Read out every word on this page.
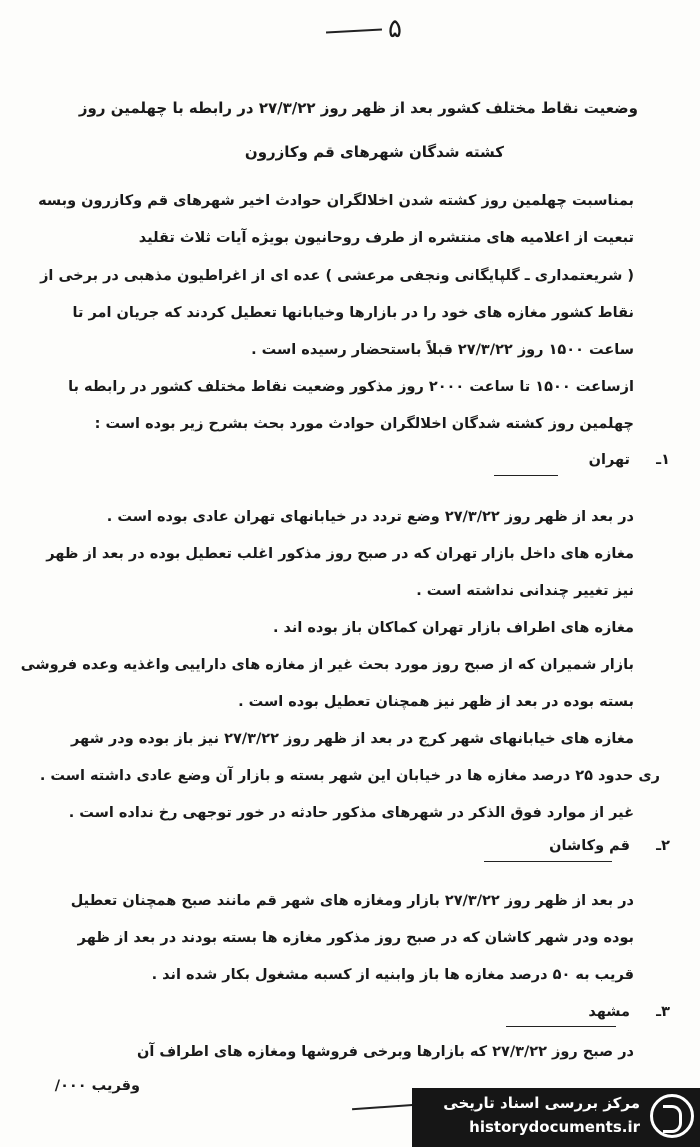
۵
وضعیت نقاط مختلف کشور بعد از ظهر روز ۲۷/۳/۲۲ در رابطه با چهلمین روز
کشته شدگان شهرهای قم وکازرون
بمناسبت چهلمین روز کشته شدن اخلالگران حوادث اخیر شهرهای قم وکازرون وبسه
تبعیت از اعلامیه های منتشره از طرف روحانیون بویژه آیات ثلاث تقلید
( شریعتمداری ـ گلپایگانی ونجفی مرعشی ) عده ای از اغراطیون مذهبی در برخی از
نقاط کشور مغازه های خود را در بازارها وخیابانها تعطیل کردند که جریان امر تا
ساعت ۱۵۰۰ روز ۲۷/۳/۲۲ قبلاً باستحضار رسیده است .
ازساعت ۱۵۰۰ تا ساعت ۲۰۰۰ روز مذکور وضعیت نقاط مختلف کشور در رابطه با
چهلمین روز کشته شدگان اخلالگران حوادث مورد بحث بشرح زیر بوده است :
۱ـ
تهران
در بعد از ظهر روز ۲۷/۳/۲۲ وضع تردد در خیابانهای تهران عادی بوده است .
مغازه های داخل بازار تهران که در صبح روز مذکور اغلب تعطیل بوده در بعد از ظهر
نیز تغییر چندانی نداشته است .
مغازه های اطراف بازار تهران کماکان باز بوده اند .
بازار شمیران که از صبح روز مورد بحث غیر از مغازه های داراییی واغذیه وعده فروشی
بسته بوده در بعد از ظهر نیز همچنان تعطیل بوده است .
مغازه های خیابانهای شهر کرج در بعد از ظهر روز ۲۷/۳/۲۲ نیز باز بوده ودر شهر
ری حدود ۲۵ درصد مغازه ها در خیابان این شهر بسته و بازار آن وضع عادی داشته است .
غیر از موارد فوق الذکر در شهرهای مذکور حادثه در خور توجهی رخ نداده است .
۲ـ
قم وکاشان
در بعد از ظهر روز ۲۷/۳/۲۲ بازار ومغازه های شهر قم مانند صبح همچنان تعطیل
بوده ودر شهر کاشان که در صبح روز مذکور مغازه ها بسته بودند در بعد از ظهر
قریب به ۵۰ درصد مغازه ها باز وابنیه از کسبه مشغول بکار شده اند .
۳ـ
مشهد
در صبح روز ۲۷/۳/۲۲ که بازارها وبرخی فروشها ومغازه های اطراف آن
وقریب ۰۰۰/
مرکز بررسی اسناد تاریخی
historydocuments.ir
